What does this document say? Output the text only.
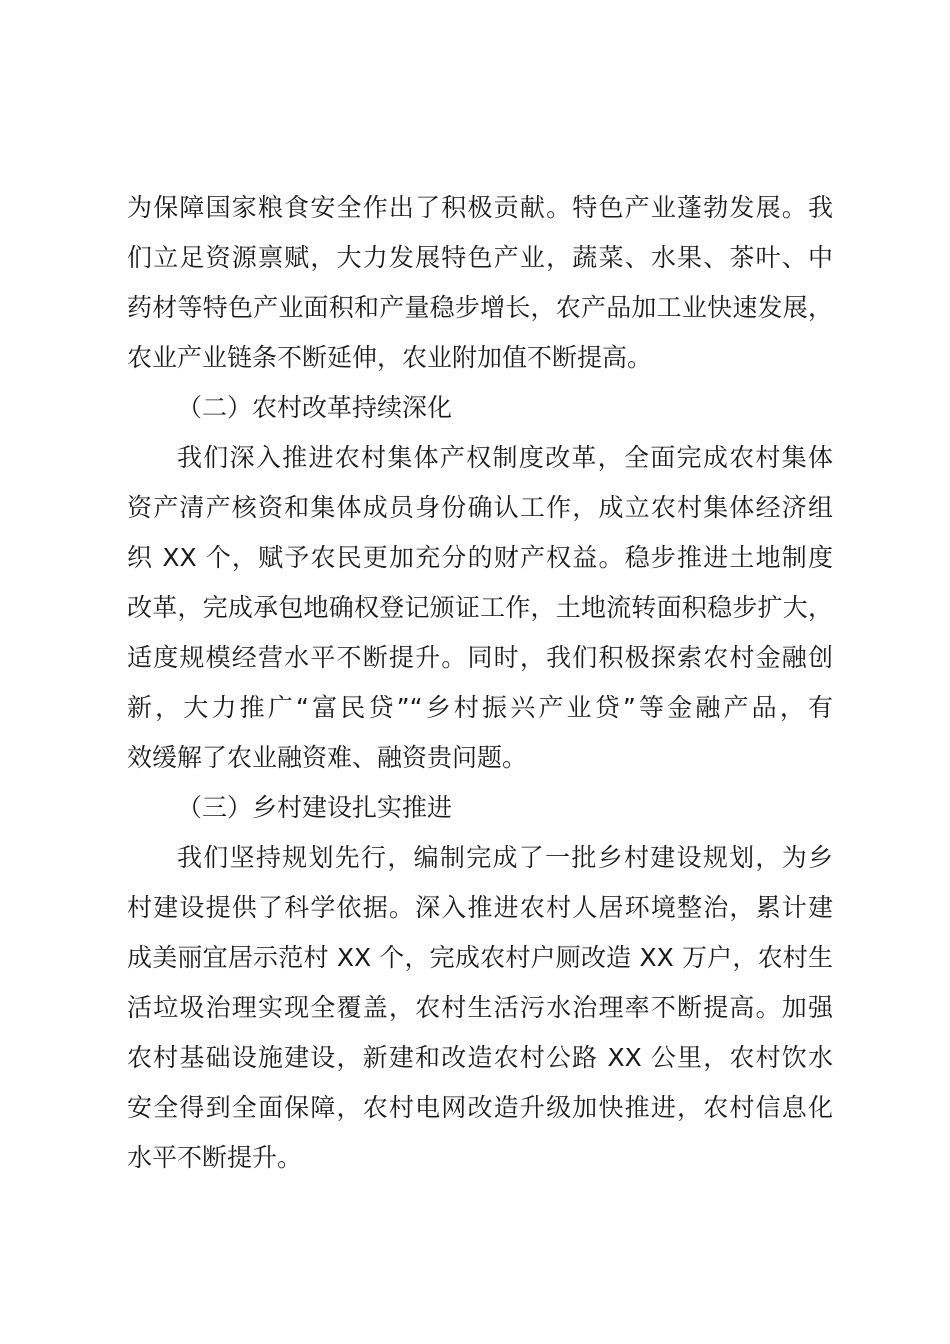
为保障国家粮食安全作出了积极贡献。特色产业蓬勃发展。我
们立足资源禀赋，大力发展特色产业，蔬菜、水果、茶叶、中
药材等特色产业面积和产量稳步增长，农产品加工业快速发展，
农业产业链条不断延伸，农业附加值不断提高。
（二）农村改革持续深化
我们深入推进农村集体产权制度改革，全面完成农村集体
资产清产核资和集体成员身份确认工作，成立农村集体经济组
织 XX 个，赋予农民更加充分的财产权益。稳步推进土地制度
改革，完成承包地确权登记颁证工作，土地流转面积稳步扩大，
适度规模经营水平不断提升。同时，我们积极探索农村金融创
新，大力推广“富民贷”“乡村振兴产业贷”等金融产品，有
效缓解了农业融资难、融资贵问题。
（三）乡村建设扎实推进
我们坚持规划先行，编制完成了一批乡村建设规划，为乡
村建设提供了科学依据。深入推进农村人居环境整治，累计建
成美丽宜居示范村 XX 个，完成农村户厕改造 XX 万户，农村生
活垃圾治理实现全覆盖，农村生活污水治理率不断提高。加强
农村基础设施建设，新建和改造农村公路 XX 公里，农村饮水
安全得到全面保障，农村电网改造升级加快推进，农村信息化
水平不断提升。
